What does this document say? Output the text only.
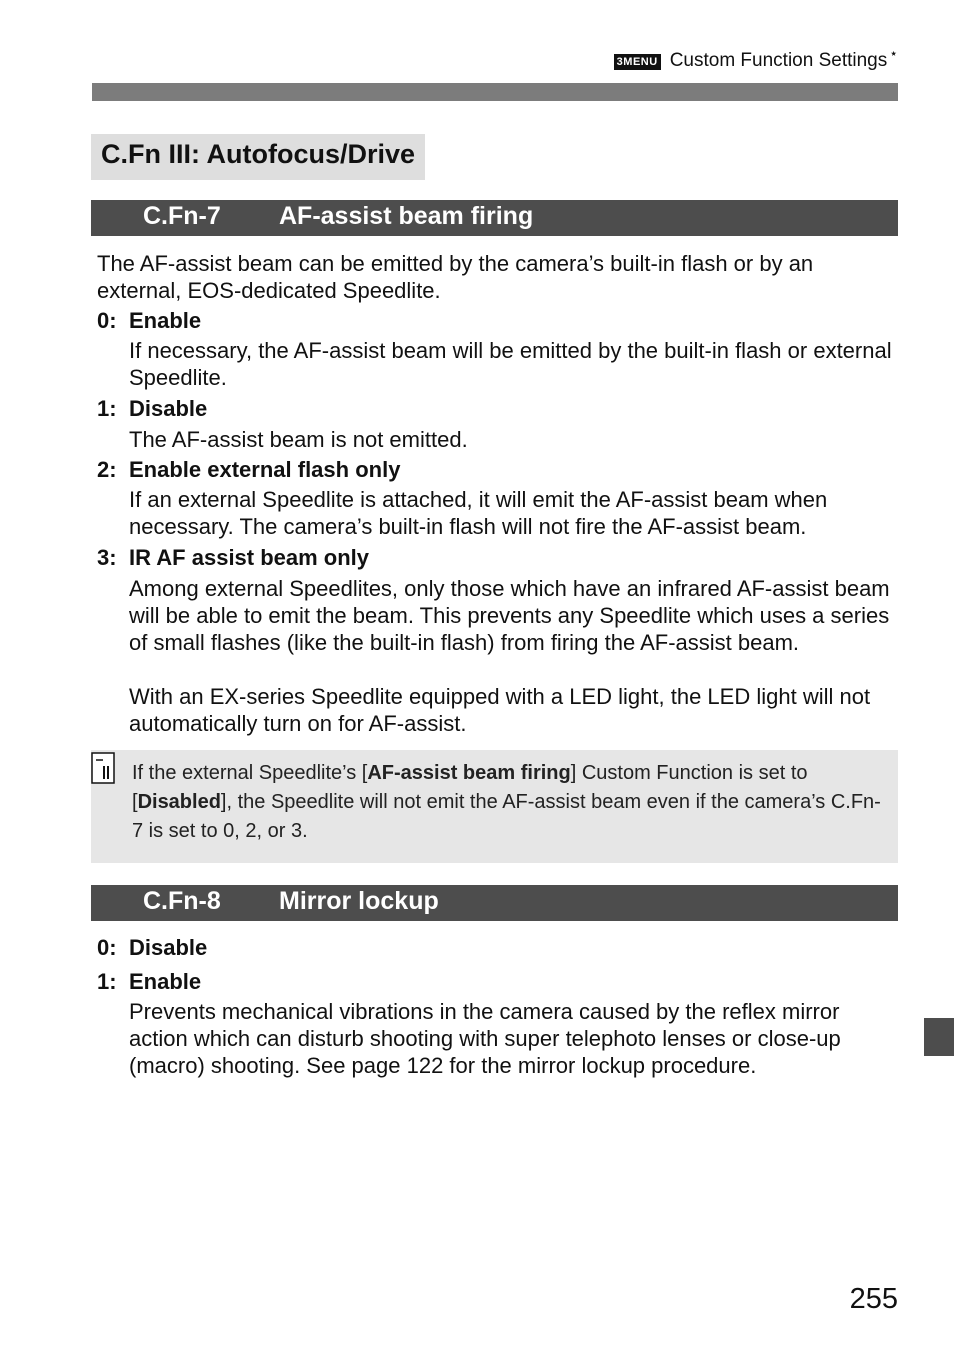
3MENU Custom Function Settings ⋆
C.Fn III: Autofocus/Drive
C.Fn-7 AF-assist beam firing
The AF-assist beam can be emitted by the camera’s built-in flash or by an external, EOS-dedicated Speedlite.
0: Enable
If necessary, the AF-assist beam will be emitted by the built-in flash or external Speedlite.
1: Disable
The AF-assist beam is not emitted.
2: Enable external flash only
If an external Speedlite is attached, it will emit the AF-assist beam when necessary. The camera’s built-in flash will not fire the AF-assist beam.
3: IR AF assist beam only
Among external Speedlites, only those which have an infrared AF-assist beam will be able to emit the beam. This prevents any Speedlite which uses a series of small flashes (like the built-in flash) from firing the AF-assist beam.
With an EX-series Speedlite equipped with a LED light, the LED light will not automatically turn on for AF-assist.
If the external Speedlite’s [AF-assist beam firing] Custom Function is set to [Disabled], the Speedlite will not emit the AF-assist beam even if the camera’s C.Fn-7 is set to 0, 2, or 3.
C.Fn-8 Mirror lockup
0: Disable
1: Enable
Prevents mechanical vibrations in the camera caused by the reflex mirror action which can disturb shooting with super telephoto lenses or close-up (macro) shooting. See page 122 for the mirror lockup procedure.
255
